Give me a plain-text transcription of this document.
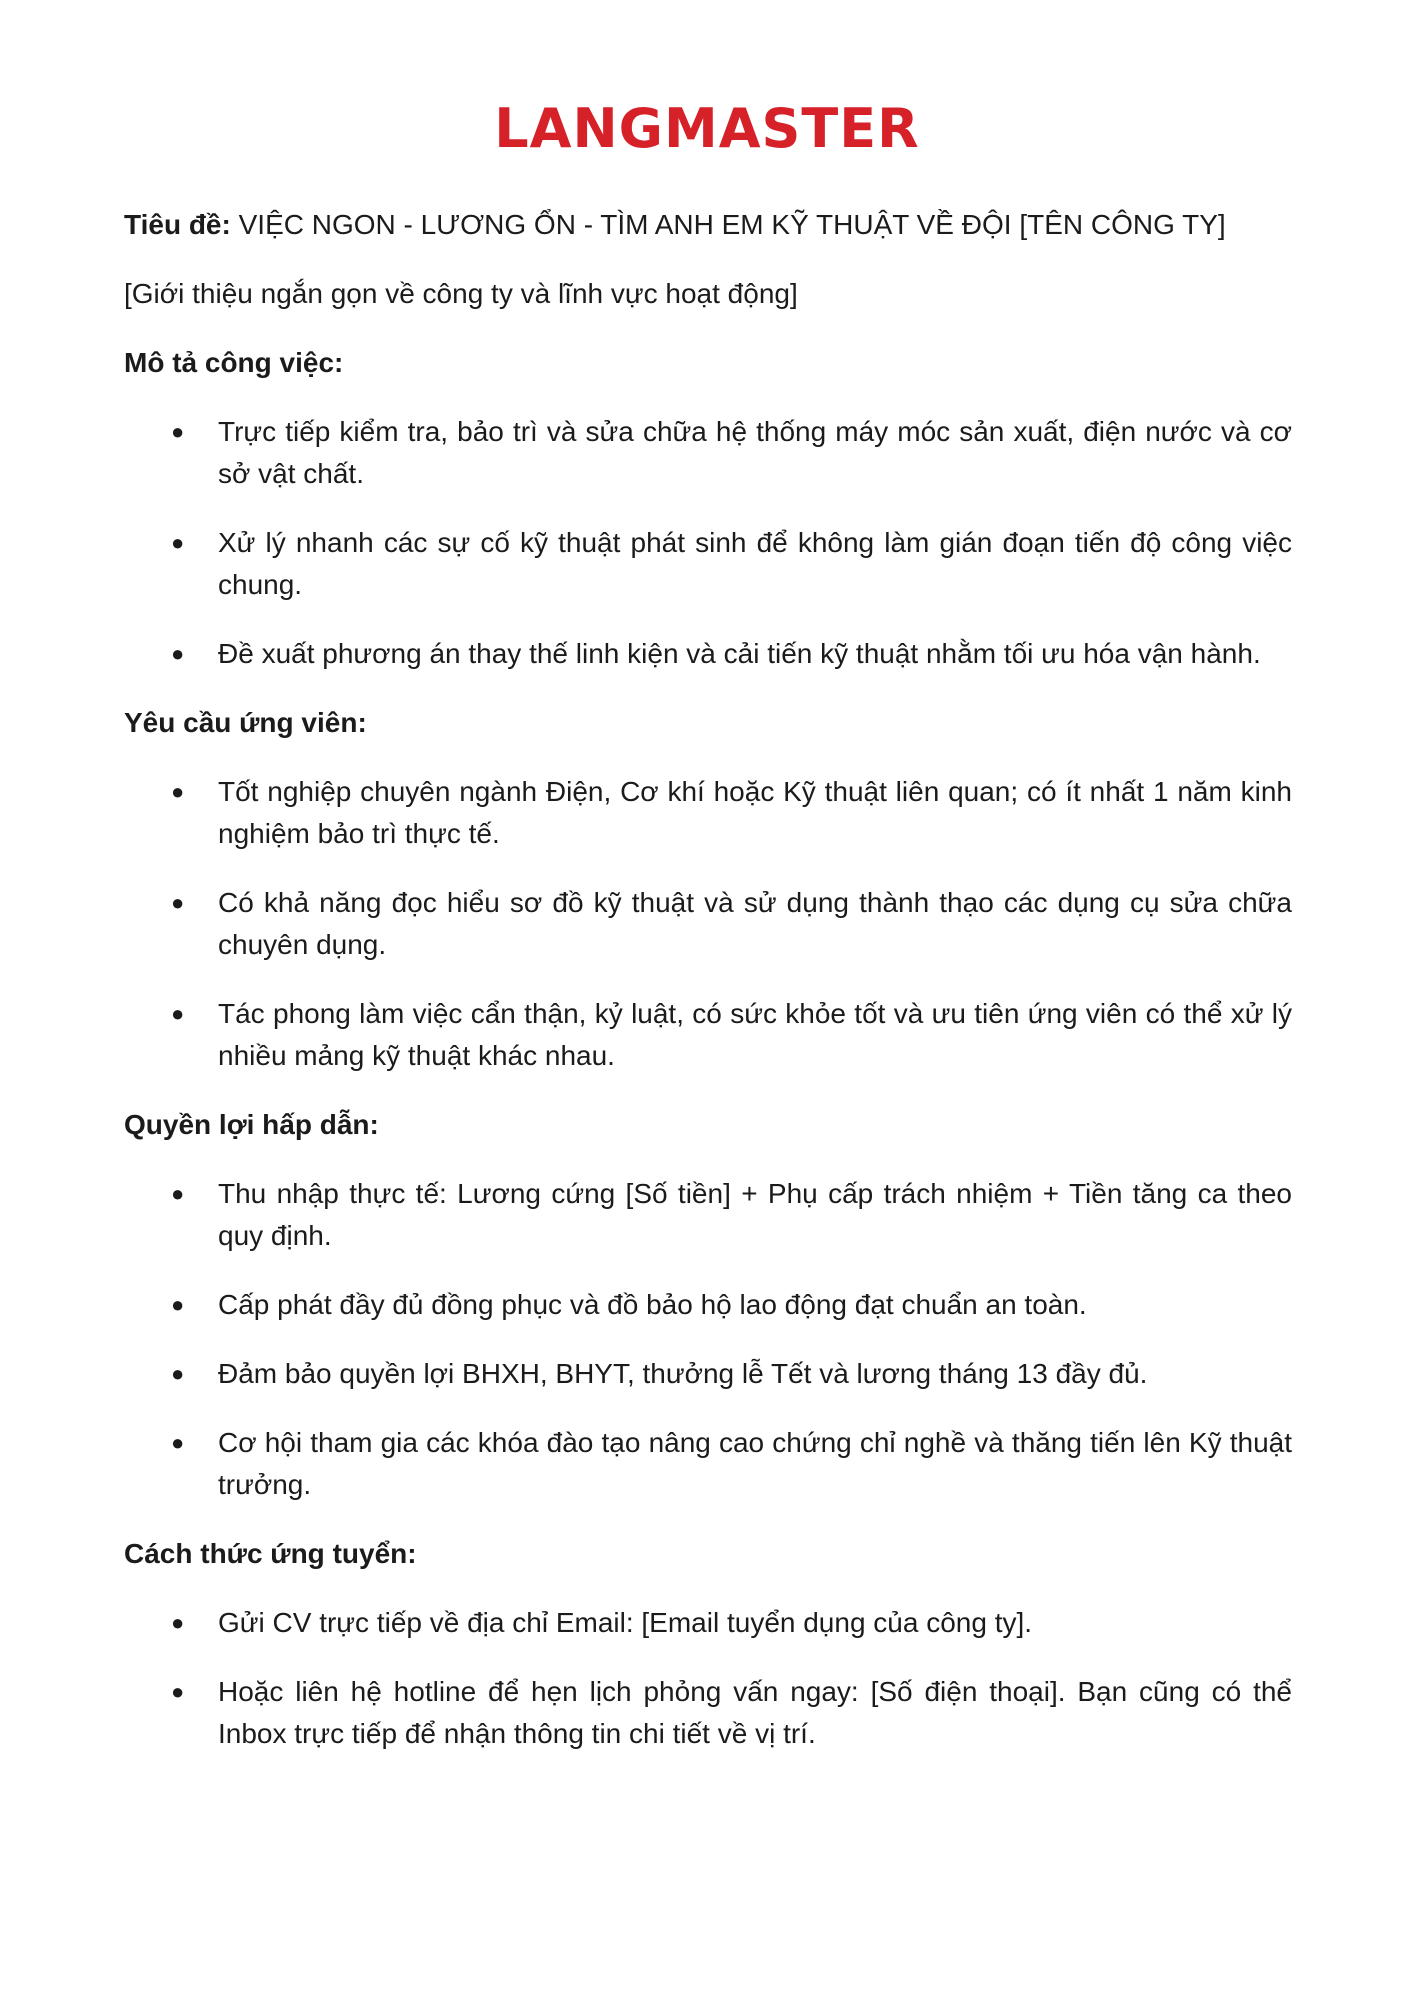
LANGMASTER

Tiêu đề: VIỆC NGON - LƯƠNG ỔN - TÌM ANH EM KỸ THUẬT VỀ ĐỘI [TÊN CÔNG TY]

[Giới thiệu ngắn gọn về công ty và lĩnh vực hoạt động]

Mô tả công việc:

● Trực tiếp kiểm tra, bảo trì và sửa chữa hệ thống máy móc sản xuất, điện nước và cơ sở vật chất.
● Xử lý nhanh các sự cố kỹ thuật phát sinh để không làm gián đoạn tiến độ công việc chung.
● Đề xuất phương án thay thế linh kiện và cải tiến kỹ thuật nhằm tối ưu hóa vận hành.

Yêu cầu ứng viên:

● Tốt nghiệp chuyên ngành Điện, Cơ khí hoặc Kỹ thuật liên quan; có ít nhất 1 năm kinh nghiệm bảo trì thực tế.
● Có khả năng đọc hiểu sơ đồ kỹ thuật và sử dụng thành thạo các dụng cụ sửa chữa chuyên dụng.
● Tác phong làm việc cẩn thận, kỷ luật, có sức khỏe tốt và ưu tiên ứng viên có thể xử lý nhiều mảng kỹ thuật khác nhau.

Quyền lợi hấp dẫn:

● Thu nhập thực tế: Lương cứng [Số tiền] + Phụ cấp trách nhiệm + Tiền tăng ca theo quy định.
● Cấp phát đầy đủ đồng phục và đồ bảo hộ lao động đạt chuẩn an toàn.
● Đảm bảo quyền lợi BHXH, BHYT, thưởng lễ Tết và lương tháng 13 đầy đủ.
● Cơ hội tham gia các khóa đào tạo nâng cao chứng chỉ nghề và thăng tiến lên Kỹ thuật trưởng.

Cách thức ứng tuyển:

● Gửi CV trực tiếp về địa chỉ Email: [Email tuyển dụng của công ty].
● Hoặc liên hệ hotline để hẹn lịch phỏng vấn ngay: [Số điện thoại]. Bạn cũng có thể Inbox trực tiếp để nhận thông tin chi tiết về vị trí.
